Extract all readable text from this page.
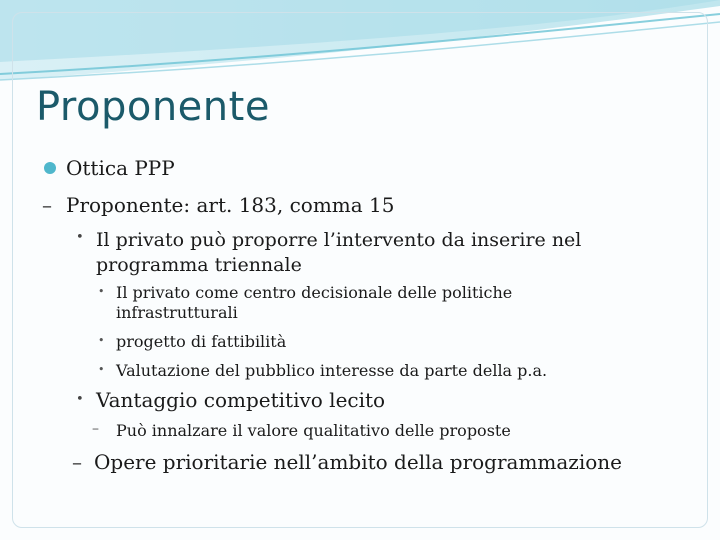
Proponente
Ottica PPP
– Proponente: art. 183, comma 15
• Il privato può proporre l’intervento da inserire nel programma triennale
• Il privato come centro decisionale delle politiche infrastrutturali
• progetto di fattibilità
• Valutazione del pubblico interesse da parte della p.a.
• Vantaggio competitivo lecito
– Può innalzare il valore qualitativo delle proposte
– Opere prioritarie nell’ambito della programmazione
